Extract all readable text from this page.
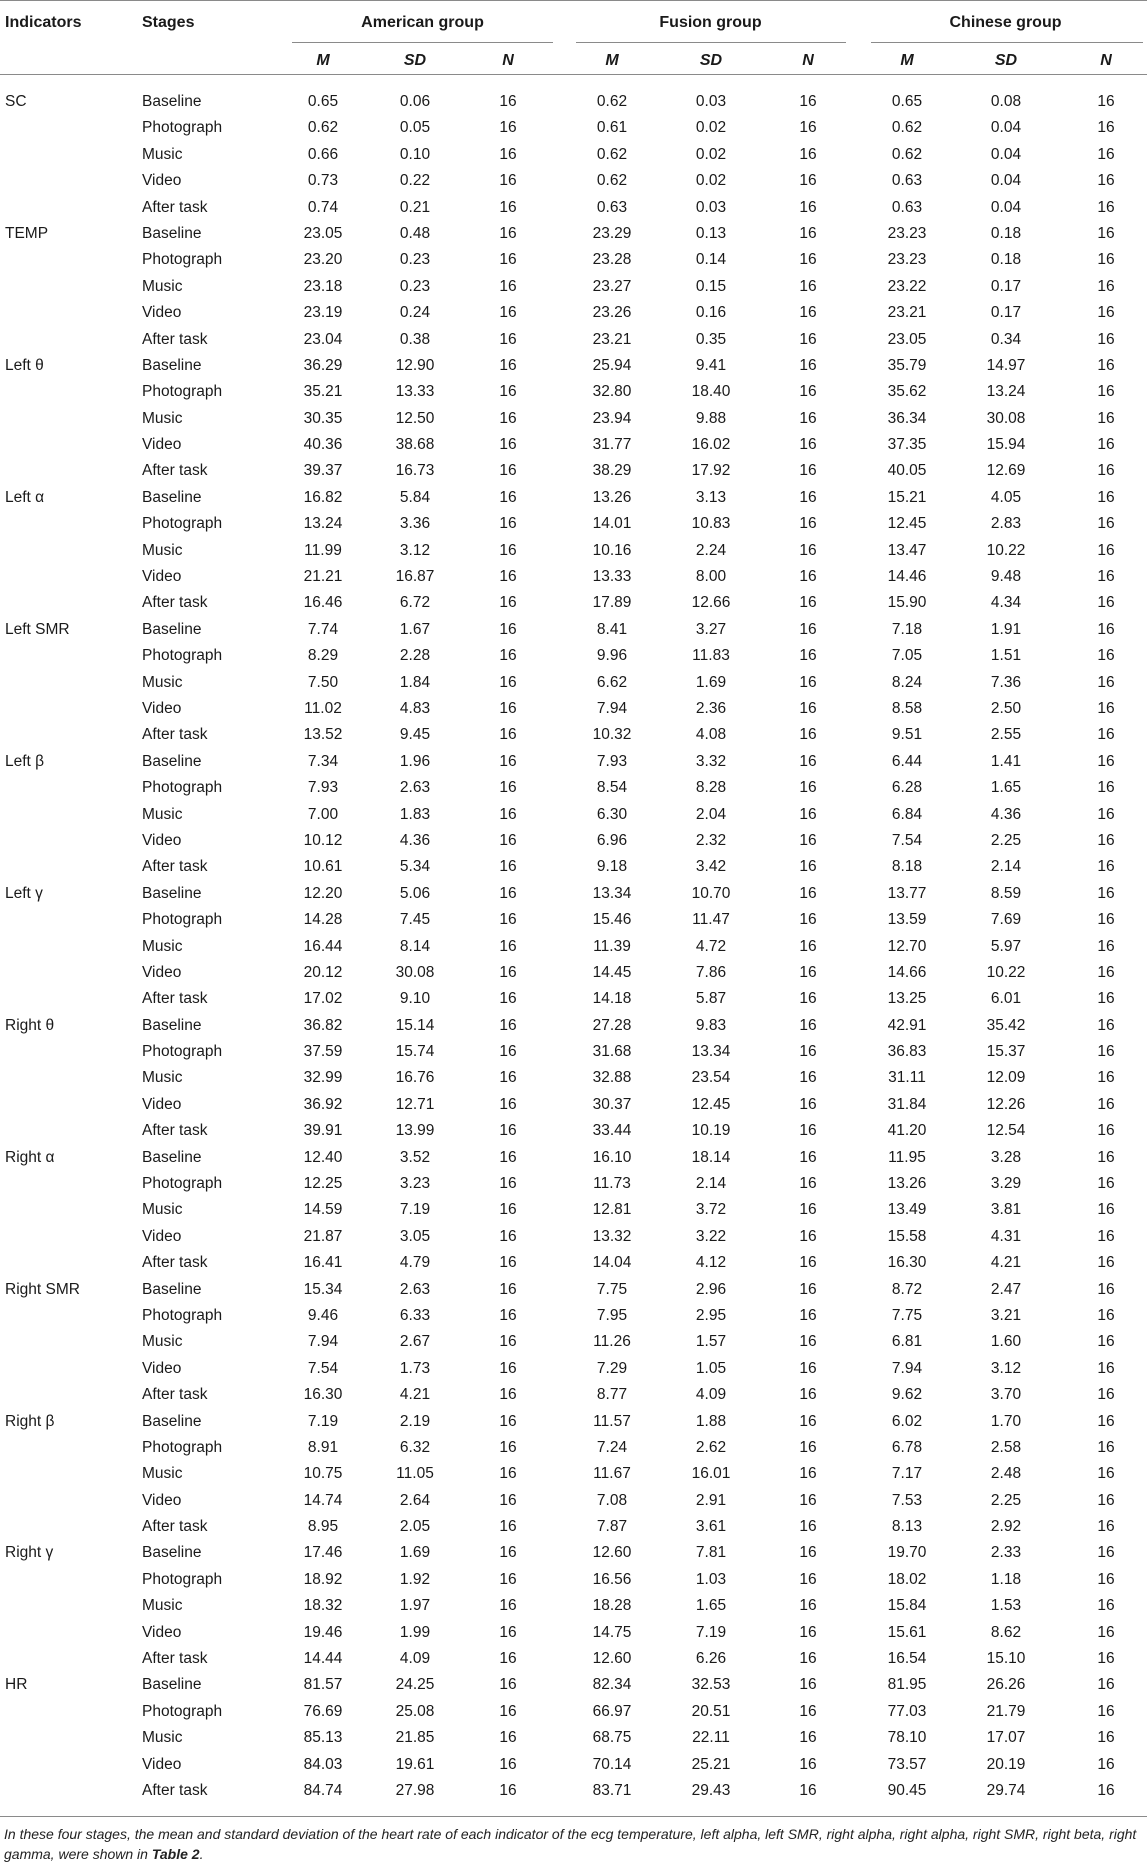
Indicators	Stages	American group	Fusion group	Chinese group
M	SD	N	M	SD	N	M	SD	N
SC	Baseline	0.65	0.06	16	0.62	0.03	16	0.65	0.08	16
Photograph	0.62	0.05	16	0.61	0.02	16	0.62	0.04	16
Music	0.66	0.10	16	0.62	0.02	16	0.62	0.04	16
Video	0.73	0.22	16	0.62	0.02	16	0.63	0.04	16
After task	0.74	0.21	16	0.63	0.03	16	0.63	0.04	16
TEMP	Baseline	23.05	0.48	16	23.29	0.13	16	23.23	0.18	16
Photograph	23.20	0.23	16	23.28	0.14	16	23.23	0.18	16
Music	23.18	0.23	16	23.27	0.15	16	23.22	0.17	16
Video	23.19	0.24	16	23.26	0.16	16	23.21	0.17	16
After task	23.04	0.38	16	23.21	0.35	16	23.05	0.34	16
Left θ	Baseline	36.29	12.90	16	25.94	9.41	16	35.79	14.97	16
Photograph	35.21	13.33	16	32.80	18.40	16	35.62	13.24	16
Music	30.35	12.50	16	23.94	9.88	16	36.34	30.08	16
Video	40.36	38.68	16	31.77	16.02	16	37.35	15.94	16
After task	39.37	16.73	16	38.29	17.92	16	40.05	12.69	16
Left α	Baseline	16.82	5.84	16	13.26	3.13	16	15.21	4.05	16
Photograph	13.24	3.36	16	14.01	10.83	16	12.45	2.83	16
Music	11.99	3.12	16	10.16	2.24	16	13.47	10.22	16
Video	21.21	16.87	16	13.33	8.00	16	14.46	9.48	16
After task	16.46	6.72	16	17.89	12.66	16	15.90	4.34	16
Left SMR	Baseline	7.74	1.67	16	8.41	3.27	16	7.18	1.91	16
Photograph	8.29	2.28	16	9.96	11.83	16	7.05	1.51	16
Music	7.50	1.84	16	6.62	1.69	16	8.24	7.36	16
Video	11.02	4.83	16	7.94	2.36	16	8.58	2.50	16
After task	13.52	9.45	16	10.32	4.08	16	9.51	2.55	16
Left β	Baseline	7.34	1.96	16	7.93	3.32	16	6.44	1.41	16
Photograph	7.93	2.63	16	8.54	8.28	16	6.28	1.65	16
Music	7.00	1.83	16	6.30	2.04	16	6.84	4.36	16
Video	10.12	4.36	16	6.96	2.32	16	7.54	2.25	16
After task	10.61	5.34	16	9.18	3.42	16	8.18	2.14	16
Left γ	Baseline	12.20	5.06	16	13.34	10.70	16	13.77	8.59	16
Photograph	14.28	7.45	16	15.46	11.47	16	13.59	7.69	16
Music	16.44	8.14	16	11.39	4.72	16	12.70	5.97	16
Video	20.12	30.08	16	14.45	7.86	16	14.66	10.22	16
After task	17.02	9.10	16	14.18	5.87	16	13.25	6.01	16
Right θ	Baseline	36.82	15.14	16	27.28	9.83	16	42.91	35.42	16
Photograph	37.59	15.74	16	31.68	13.34	16	36.83	15.37	16
Music	32.99	16.76	16	32.88	23.54	16	31.11	12.09	16
Video	36.92	12.71	16	30.37	12.45	16	31.84	12.26	16
After task	39.91	13.99	16	33.44	10.19	16	41.20	12.54	16
Right α	Baseline	12.40	3.52	16	16.10	18.14	16	11.95	3.28	16
Photograph	12.25	3.23	16	11.73	2.14	16	13.26	3.29	16
Music	14.59	7.19	16	12.81	3.72	16	13.49	3.81	16
Video	21.87	3.05	16	13.32	3.22	16	15.58	4.31	16
After task	16.41	4.79	16	14.04	4.12	16	16.30	4.21	16
Right SMR	Baseline	15.34	2.63	16	7.75	2.96	16	8.72	2.47	16
Photograph	9.46	6.33	16	7.95	2.95	16	7.75	3.21	16
Music	7.94	2.67	16	11.26	1.57	16	6.81	1.60	16
Video	7.54	1.73	16	7.29	1.05	16	7.94	3.12	16
After task	16.30	4.21	16	8.77	4.09	16	9.62	3.70	16
Right β	Baseline	7.19	2.19	16	11.57	1.88	16	6.02	1.70	16
Photograph	8.91	6.32	16	7.24	2.62	16	6.78	2.58	16
Music	10.75	11.05	16	11.67	16.01	16	7.17	2.48	16
Video	14.74	2.64	16	7.08	2.91	16	7.53	2.25	16
After task	8.95	2.05	16	7.87	3.61	16	8.13	2.92	16
Right γ	Baseline	17.46	1.69	16	12.60	7.81	16	19.70	2.33	16
Photograph	18.92	1.92	16	16.56	1.03	16	18.02	1.18	16
Music	18.32	1.97	16	18.28	1.65	16	15.84	1.53	16
Video	19.46	1.99	16	14.75	7.19	16	15.61	8.62	16
After task	14.44	4.09	16	12.60	6.26	16	16.54	15.10	16
HR	Baseline	81.57	24.25	16	82.34	32.53	16	81.95	26.26	16
Photograph	76.69	25.08	16	66.97	20.51	16	77.03	21.79	16
Music	85.13	21.85	16	68.75	22.11	16	78.10	17.07	16
Video	84.03	19.61	16	70.14	25.21	16	73.57	20.19	16
After task	84.74	27.98	16	83.71	29.43	16	90.45	29.74	16
In these four stages, the mean and standard deviation of the heart rate of each indicator of the ecg temperature, left alpha, left SMR, right alpha, right alpha, right SMR, right beta, right gamma, were shown in Table 2.
